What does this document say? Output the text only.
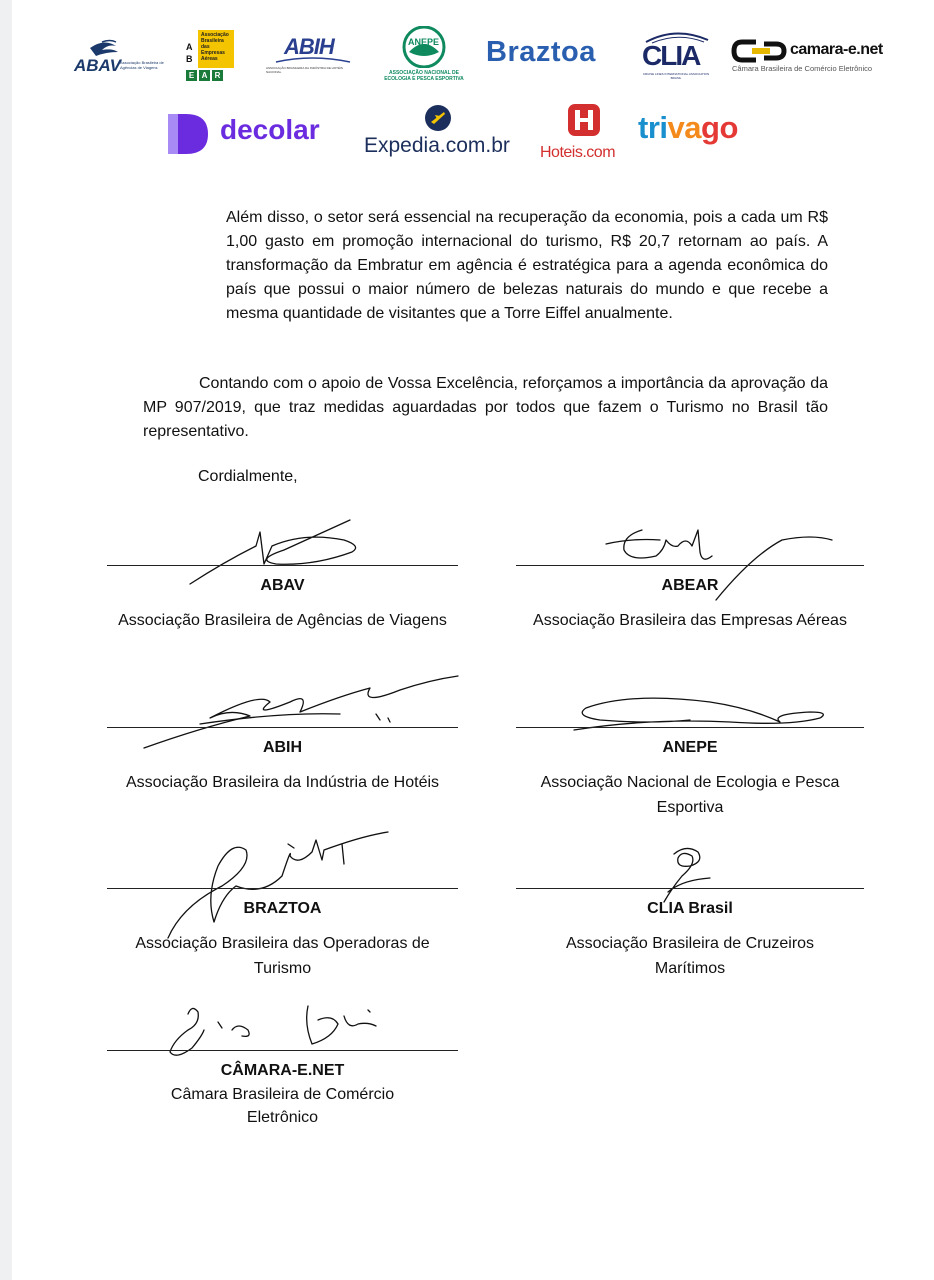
ABAV Associação Brasileira de Agências de Viagens
Associação
Brasileira
das
Empresas
Aéreas
A
B
E A R
ABIH
ASSOCIAÇÃO BRASILEIRA DA INDÚSTRIA DE HOTÉIS NACIONAL
ANEPE
ASSOCIAÇÃO NACIONAL DE ECOLOGIA E PESCA ESPORTIVA
Braztoa CLIA
CRUISE LINES INTERNATIONAL ASSOCIATION BRASIL
camara-e.net
Câmara Brasileira de Comércio Eletrônico
decolar
Expedia.com.br Hoteis.com
trivago

Além disso, o setor será essencial na recuperação da economia, pois a cada um R$ 1,00 gasto em promoção internacional do turismo, R$ 20,7 retornam ao país. A transformação da Embratur em agência é estratégica para a agenda econômica do país que possui o maior número de belezas naturais do mundo e que recebe a mesma quantidade de visitantes que a Torre Eiffel anualmente.

Contando com o apoio de Vossa Excelência, reforçamos a importância da aprovação da MP 907/2019, que traz medidas aguardadas por todos que fazem o Turismo no Brasil tão representativo.

Cordialmente,
ABAV
Associação Brasileira de Agências de Viagens
ABEAR
Associação Brasileira das Empresas Aéreas
ABIH
Associação Brasileira da Indústria de Hotéis
ANEPE
Associação Nacional de Ecologia e Pesca Esportiva
BRAZTOA
Associação Brasileira das Operadoras de Turismo
CLIA Brasil
Associação Brasileira de Cruzeiros Marítimos
CÂMARA-E.NET
Câmara Brasileira de Comércio Eletrônico
